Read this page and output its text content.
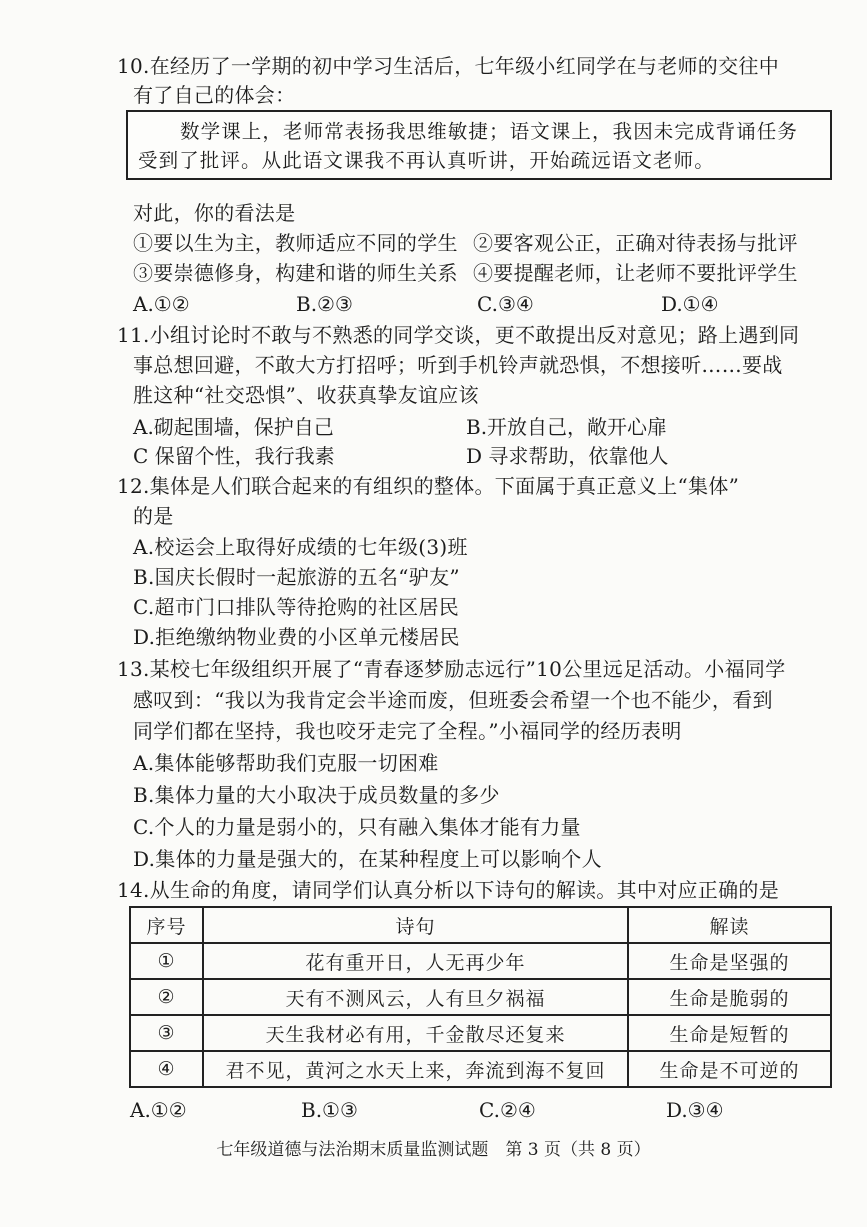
10.在经历了一学期的初中学习生活后，七年级小红同学在与老师的交往中
有了自己的体会：
数学课上，老师常表扬我思维敏捷；语文课上，我因未完成背诵任务
受到了批评。从此语文课我不再认真听讲，开始疏远语文老师。
对此，你的看法是
①要以生为主，教师适应不同的学生 ②要客观公正，正确对待表扬与批评
③要崇德修身，构建和谐的师生关系 ④要提醒老师，让老师不要批评学生
A.①②	B.②③	C.③④	D.①④
11.小组讨论时不敢与不熟悉的同学交谈，更不敢提出反对意见；路上遇到同
事总想回避，不敢大方打招呼；听到手机铃声就恐惧，不想接听……要战
胜这种“社交恐惧”、收获真挚友谊应该
A.砌起围墙，保护自己	B.开放自己，敞开心扉
C 保留个性，我行我素	D 寻求帮助，依靠他人
12.集体是人们联合起来的有组织的整体。下面属于真正意义上“集体”
的是
A.校运会上取得好成绩的七年级(3)班
B.国庆长假时一起旅游的五名“驴友”
C.超市门口排队等待抢购的社区居民
D.拒绝缴纳物业费的小区单元楼居民
13.某校七年级组织开展了“青春逐梦励志远行”10公里远足活动。小福同学
感叹到：“我以为我肯定会半途而废，但班委会希望一个也不能少，看到
同学们都在坚持，我也咬牙走完了全程。”小福同学的经历表明
A.集体能够帮助我们克服一切困难
B.集体力量的大小取决于成员数量的多少
C.个人的力量是弱小的，只有融入集体才能有力量
D.集体的力量是强大的，在某种程度上可以影响个人
14.从生命的角度，请同学们认真分析以下诗句的解读。其中对应正确的是
序号	诗句	解读
①	花有重开日，人无再少年	生命是坚强的
②	天有不测风云，人有旦夕祸福	生命是脆弱的
③	天生我材必有用，千金散尽还复来	生命是短暂的
④	君不见，黄河之水天上来，奔流到海不复回	生命是不可逆的
A.①②	B.①③	C.②④	D.③④
七年级道德与法治期末质量监测试题　第 3 页（共 8 页）
